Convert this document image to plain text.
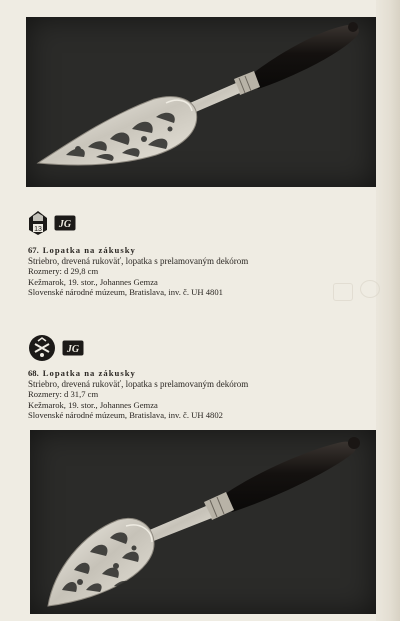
13 JG
67. Lopatka na zákusky
Striebro, drevená rukoväť, lopatka s prelamovaným dekórom
Rozmery: d 29,8 cm
Kežmarok, 19. stor., Johannes Gemza
Slovenské národné múzeum, Bratislava, inv. č. UH 4801
JG
68. Lopatka na zákusky
Striebro, drevená rukoväť, lopatka s prelamovaným dekórom
Rozmery: d 31,7 cm
Kežmarok, 19. stor., Johannes Gemza
Slovenské národné múzeum, Bratislava, inv. č. UH 4802
